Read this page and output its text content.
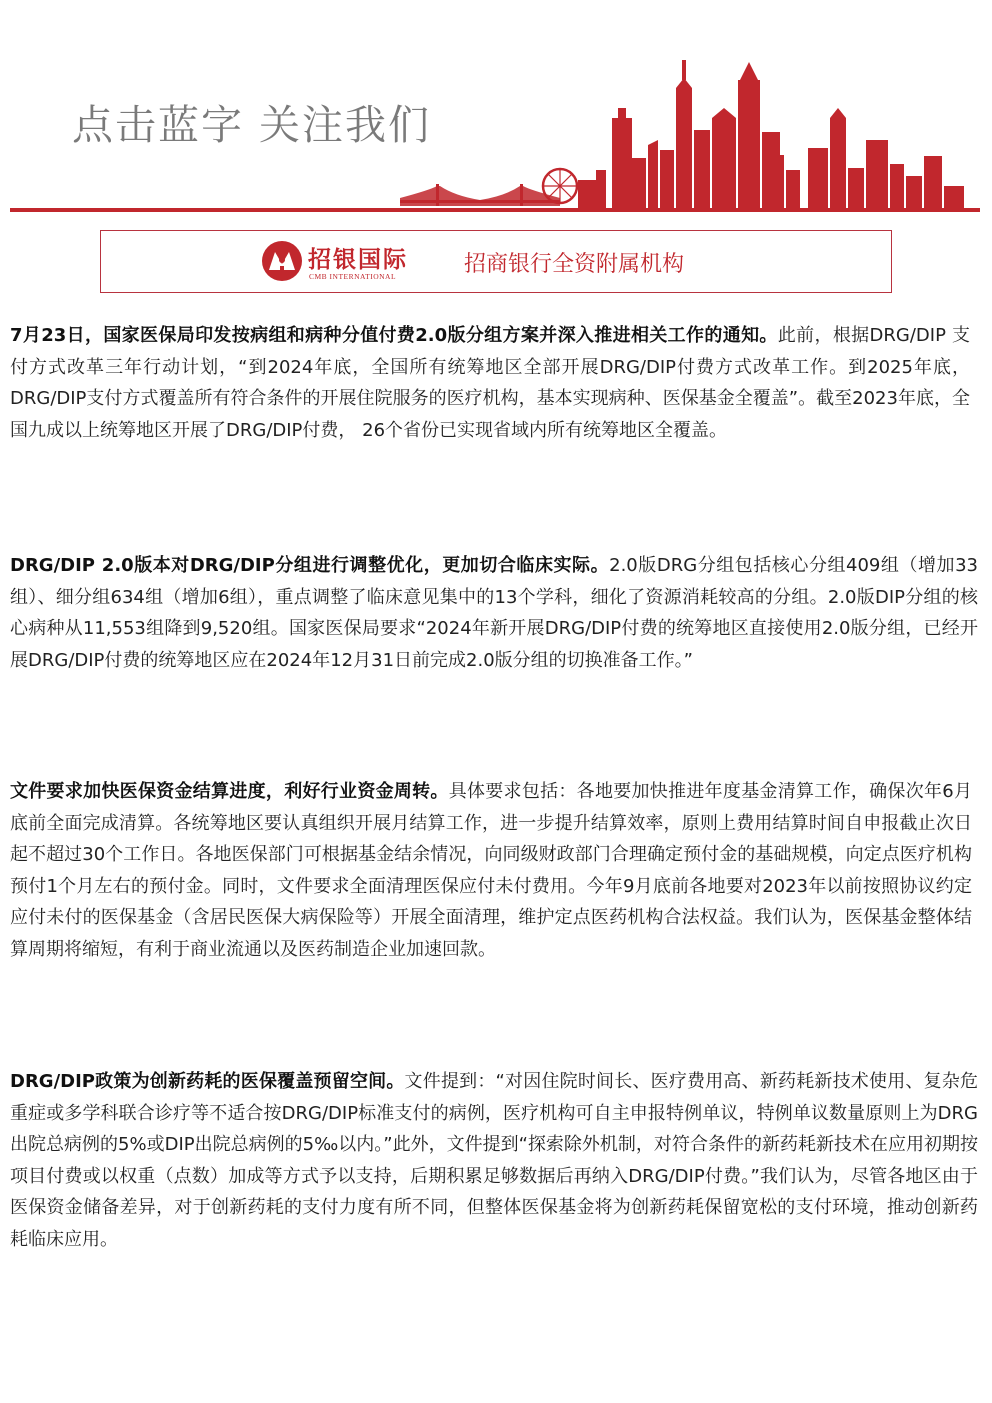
点击蓝字 关注我们
招银国际
CMB INTERNATIONAL	招商银行全资附属机构

7月23日，国家医保局印发按病组和病种分值付费2.0版分组方案并深入推进相关工作的通知。此前，根据DRG/DIP 支付方式改革三年行动计划，“到2024年底，全国所有统筹地区全部开展DRG/DIP付费方式改革工作。到2025年底，DRG/DIP支付方式覆盖所有符合条件的开展住院服务的医疗机构，基本实现病种、医保基金全覆盖”。截至2023年底，全国九成以上统筹地区开展了DRG/DIP付费， 26个省份已实现省域内所有统筹地区全覆盖。

DRG/DIP 2.0版本对DRG/DIP分组进行调整优化，更加切合临床实际。2.0版DRG分组包括核心分组409组（增加33组）、细分组634组（增加6组），重点调整了临床意见集中的13个学科，细化了资源消耗较高的分组。2.0版DIP分组的核心病种从11,553组降到9,520组。国家医保局要求“2024年新开展DRG/DIP付费的统筹地区直接使用2.0版分组，已经开展DRG/DIP付费的统筹地区应在2024年12月31日前完成2.0版分组的切换准备工作。”

文件要求加快医保资金结算进度，利好行业资金周转。具体要求包括：各地要加快推进年度基金清算工作，确保次年6月底前全面完成清算。各统筹地区要认真组织开展月结算工作，进一步提升结算效率，原则上费用结算时间自申报截止次日起不超过30个工作日。各地医保部门可根据基金结余情况，向同级财政部门合理确定预付金的基础规模，向定点医疗机构预付1个月左右的预付金。同时，文件要求全面清理医保应付未付费用。今年9月底前各地要对2023年以前按照协议约定应付未付的医保基金（含居民医保大病保险等）开展全面清理，维护定点医药机构合法权益。我们认为，医保基金整体结算周期将缩短，有利于商业流通以及医药制造企业加速回款。

DRG/DIP政策为创新药耗的医保覆盖预留空间。文件提到：“对因住院时间长、医疗费用高、新药耗新技术使用、复杂危重症或多学科联合诊疗等不适合按DRG/DIP标准支付的病例，医疗机构可自主申报特例单议，特例单议数量原则上为DRG出院总病例的5%或DIP出院总病例的5‰以内。”此外，文件提到“探索除外机制，对符合条件的新药耗新技术在应用初期按项目付费或以权重（点数）加成等方式予以支持，后期积累足够数据后再纳入DRG/DIP付费。”我们认为，尽管各地区由于医保资金储备差异，对于创新药耗的支付力度有所不同，但整体医保基金将为创新药耗保留宽松的支付环境，推动创新药耗临床应用。
